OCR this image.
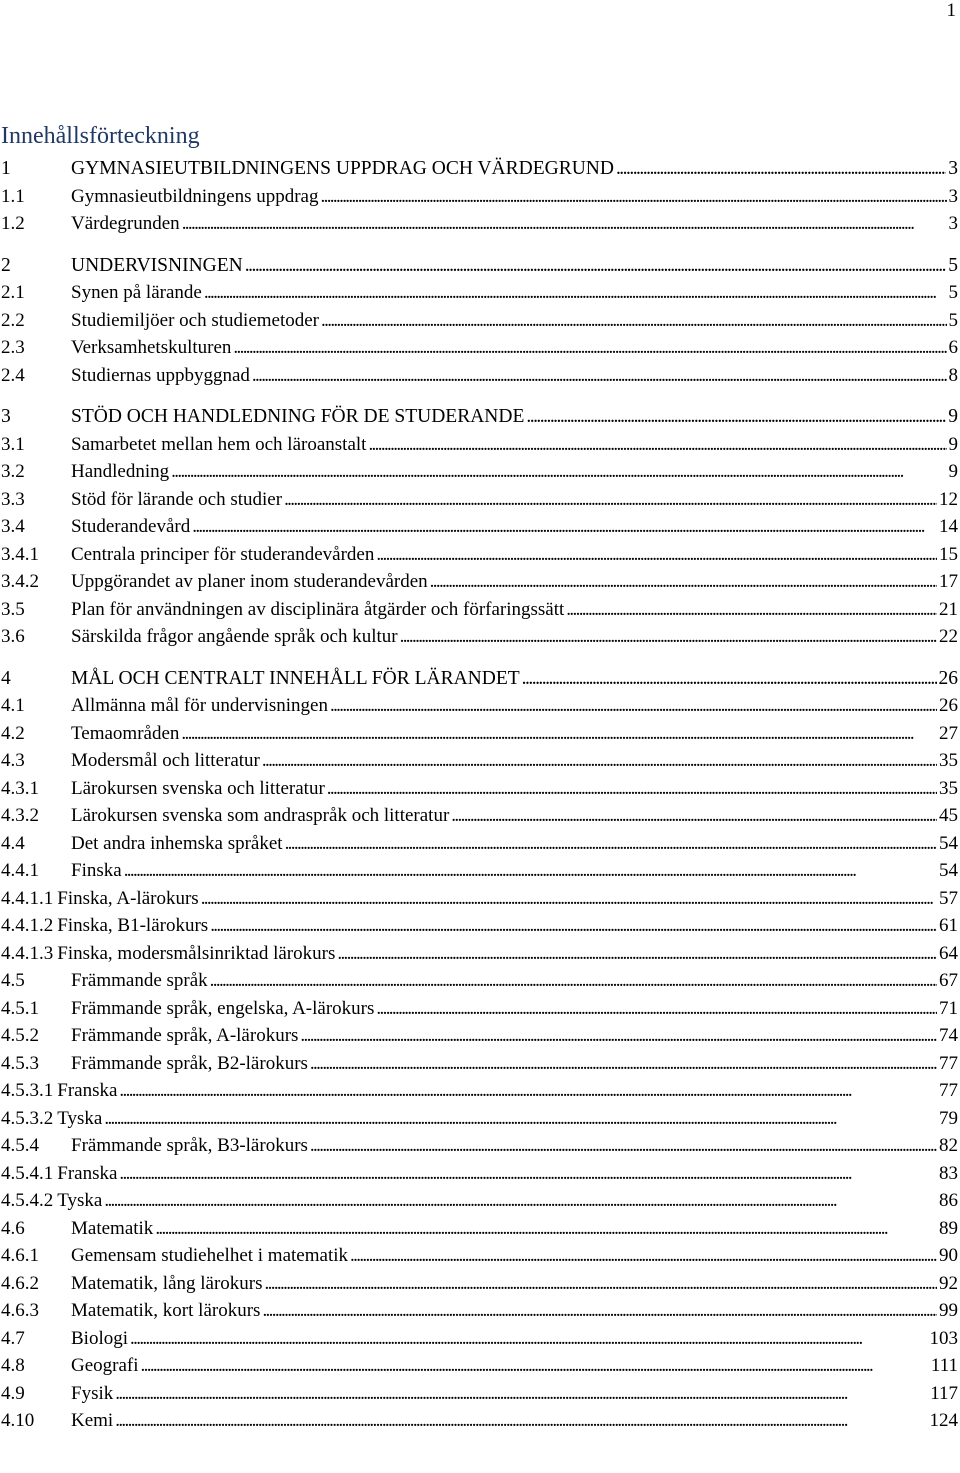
1
Innehållsförteckning
1	GYMNASIEUTBILDNINGENS UPPDRAG OCH VÄRDEGRUND . . .	3
1.1	Gymnasieutbildningens uppdrag . . .	3
1.2	Värdegrunden . . .	3
2	UNDERVISNINGEN . . .	5
2.1	Synen på lärande . . .	5
2.2	Studiemiljöer och studiemetoder . . .	5
2.3	Verksamhetskulturen . . .	6
2.4	Studiernas uppbyggnad . . .	8
3	STÖD OCH HANDLEDNING FÖR DE STUDERANDE . . .	9
3.1	Samarbetet mellan hem och läroanstalt . . .	9
3.2	Handledning . . .	9
3.3	Stöd för lärande och studier . . .	12
3.4	Studerandevård . . .	14
3.4.1	Centrala principer för studerandevården . . .	15
3.4.2	Uppgörandet av planer inom studerandevården . . .	17
3.5	Plan för användningen av disciplinära åtgärder och förfaringssätt . . .	21
3.6	Särskilda frågor angående språk och kultur . . .	22
4	MÅL OCH CENTRALT INNEHÅLL FÖR LÄRANDET . . .	26
4.1	Allmänna mål för undervisningen . . .	26
4.2	Temaområden . . .	27
4.3	Modersmål och litteratur . . .	35
4.3.1	Lärokursen svenska och litteratur . . .	35
4.3.2	Lärokursen svenska som andraspråk och litteratur . . .	45
4.4	Det andra inhemska språket . . .	54
4.4.1	Finska . . .	54
4.4.1.1 Finska, A-lärokurs . . .	57
4.4.1.2 Finska, B1-lärokurs . . .	61
4.4.1.3 Finska, modersmålsinriktad lärokurs . . .	64
4.5	Främmande språk . . .	67
4.5.1	Främmande språk, engelska, A-lärokurs . . .	71
4.5.2	Främmande språk, A-lärokurs . . .	74
4.5.3	Främmande språk, B2-lärokurs . . .	77
4.5.3.1 Franska . . .	77
4.5.3.2 Tyska . . .	79
4.5.4	Främmande språk, B3-lärokurs . . .	82
4.5.4.1 Franska . . .	83
4.5.4.2 Tyska . . .	86
4.6	Matematik . . .	89
4.6.1	Gemensam studiehelhet i matematik . . .	90
4.6.2	Matematik, lång lärokurs . . .	92
4.6.3	Matematik, kort lärokurs . . .	99
4.7	Biologi . . .	103
4.8	Geografi . . .	111
4.9	Fysik . . .	117
4.10	Kemi . . .	124
